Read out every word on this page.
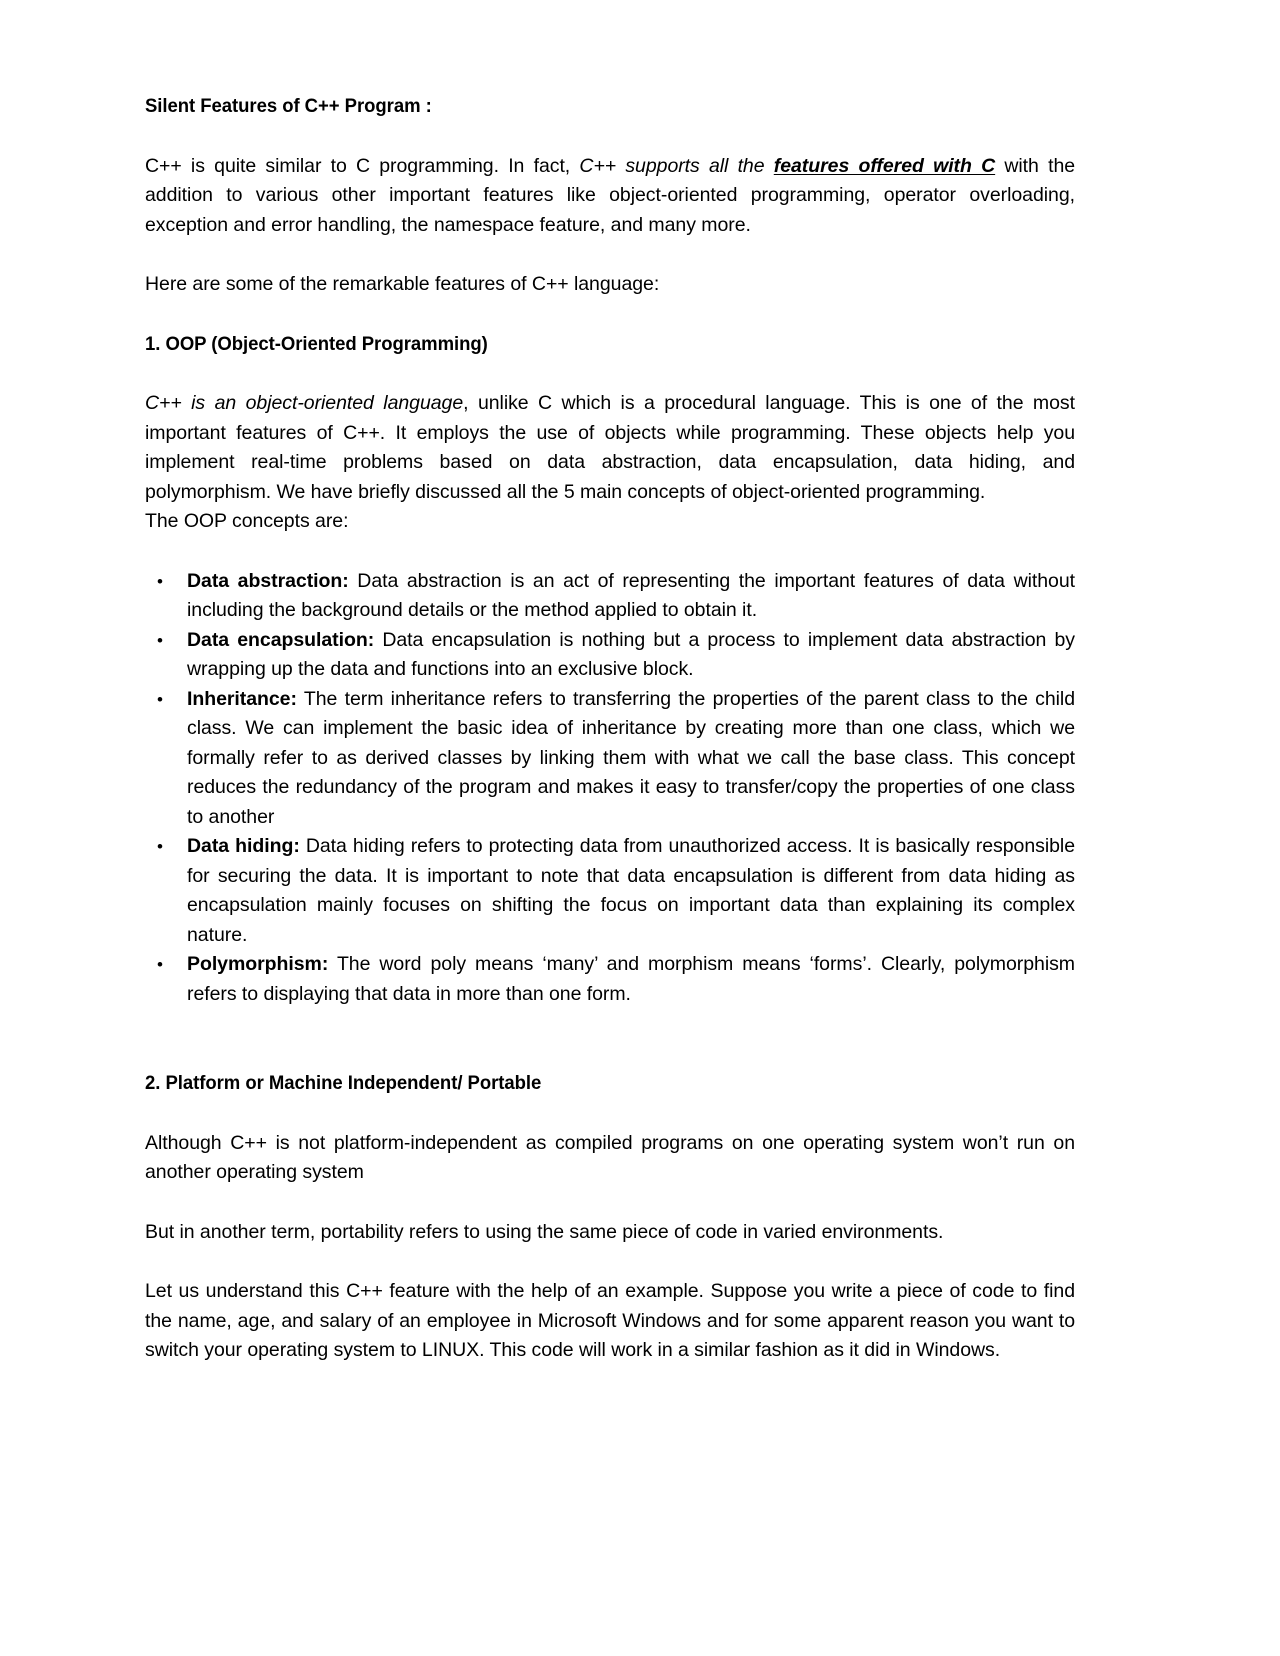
Silent Features of C++ Program :

C++ is quite similar to C programming. In fact, C++ supports all the features offered with C with the addition to various other important features like object-oriented programming, operator overloading, exception and error handling, the namespace feature, and many more.

Here are some of the remarkable features of C++ language:

1. OOP (Object-Oriented Programming)

C++ is an object-oriented language, unlike C which is a procedural language. This is one of the most important features of C++. It employs the use of objects while programming. These objects help you implement real-time problems based on data abstraction, data encapsulation, data hiding, and polymorphism. We have briefly discussed all the 5 main concepts of object-oriented programming.

The OOP concepts are:

• Data abstraction: Data abstraction is an act of representing the important features of data without including the background details or the method applied to obtain it.
• Data encapsulation: Data encapsulation is nothing but a process to implement data abstraction by wrapping up the data and functions into an exclusive block.
• Inheritance: The term inheritance refers to transferring the properties of the parent class to the child class. We can implement the basic idea of inheritance by creating more than one class, which we formally refer to as derived classes by linking them with what we call the base class. This concept reduces the redundancy of the program and makes it easy to transfer/copy the properties of one class to another
• Data hiding: Data hiding refers to protecting data from unauthorized access. It is basically responsible for securing the data. It is important to note that data encapsulation is different from data hiding as encapsulation mainly focuses on shifting the focus on important data than explaining its complex nature.
• Polymorphism: The word poly means ‘many’ and morphism means ‘forms’. Clearly, polymorphism refers to displaying that data in more than one form.
2. Platform or Machine Independent/ Portable

Although C++ is not platform-independent as compiled programs on one operating system won’t run on another operating system

But in another term, portability refers to using the same piece of code in varied environments.

Let us understand this C++ feature with the help of an example. Suppose you write a piece of code to find the name, age, and salary of an employee in Microsoft Windows and for some apparent reason you want to switch your operating system to LINUX. This code will work in a similar fashion as it did in Windows.
